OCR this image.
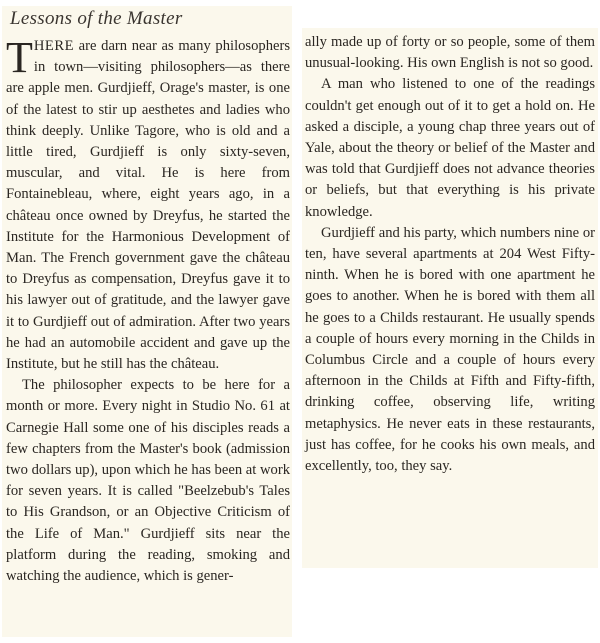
Lessons of the Master

THERE are darn near as many philosophers in town—visiting philosophers—as there are apple men. Gurdjieff, Orage's master, is one of the latest to stir up aesthetes and ladies who think deeply. Unlike Tagore, who is old and a little tired, Gurdjieff is only sixty-seven, muscular, and vital. He is here from Fontainebleau, where, eight years ago, in a château once owned by Dreyfus, he started the Institute for the Harmonious Development of Man. The French government gave the château to Dreyfus as compensation, Dreyfus gave it to his lawyer out of gratitude, and the lawyer gave it to Gurdjieff out of admiration. After two years he had an automobile accident and gave up the Institute, but he still has the château.

The philosopher expects to be here for a month or more. Every night in Studio No. 61 at Carnegie Hall some one of his disciples reads a few chapters from the Master's book (admission two dollars up), upon which he has been at work for seven years. It is called "Beelzebub's Tales to His Grandson, or an Objective Criticism of the Life of Man." Gurdjieff sits near the platform during the reading, smoking and watching the audience, which is gener-

ally made up of forty or so people, some of them unusual-looking. His own English is not so good.

A man who listened to one of the readings couldn't get enough out of it to get a hold on. He asked a disciple, a young chap three years out of Yale, about the theory or belief of the Master and was told that Gurdjieff does not advance theories or beliefs, but that everything is his private knowledge.

Gurdjieff and his party, which numbers nine or ten, have several apartments at 204 West Fifty-ninth. When he is bored with one apartment he goes to another. When he is bored with them all he goes to a Childs restaurant. He usually spends a couple of hours every morning in the Childs in Columbus Circle and a couple of hours every afternoon in the Childs at Fifth and Fifty-fifth, drinking coffee, observing life, writing metaphysics. He never eats in these restaurants, just has coffee, for he cooks his own meals, and excellently, too, they say.
